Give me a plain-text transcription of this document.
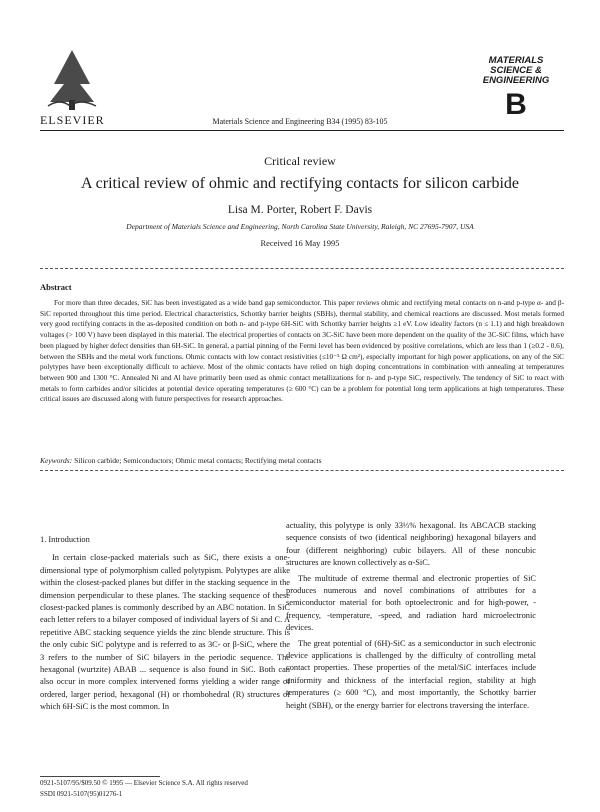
ELSEVIER	Materials Science and Engineering B34 (1995) 83-105
MATERIALS
SCIENCE &
ENGINEERING
B
Critical review
A critical review of ohmic and rectifying contacts for silicon carbide
Lisa M. Porter, Robert F. Davis
Department of Materials Science and Engineering, North Carolina State University, Raleigh, NC 27695-7907, USA
Received 16 May 1995
Abstract
For more than three decades, SiC has been investigated as a wide band gap semiconductor. This paper reviews ohmic and rectifying metal contacts on n-and p-type α- and β-SiC reported throughout this time period. Electrical characteristics, Schottky barrier heights (SBHs), thermal stability, and chemical reactions are discussed. Most metals formed very good rectifying contacts in the as-deposited condition on both n- and p-type 6H-SiC with Schottky barrier heights ≥1 eV. Low ideality factors (n ≤ 1.1) and high breakdown voltages (> 100 V) have been displayed in this material. The electrical properties of contacts on 3C-SiC have been more dependent on the quality of the 3C-SiC films, which have been plagued by higher defect densities than 6H-SiC. In general, a partial pinning of the Fermi level has been evidenced by positive correlations, which are less than 1 (≥0.2 - 0.6), between the SBHs and the metal work functions. Ohmic contacts with low contact resistivities (≤10⁻⁵ Ω cm²), especially important for high power applications, on any of the SiC polytypes have been exceptionally difficult to achieve. Most of the ohmic contacts have relied on high doping concentrations in combination with annealing at temperatures between 900 and 1300 °C. Annealed Ni and Al have primarily been used as ohmic contact metallizations for n- and p-type SiC, respectively. The tendency of SiC to react with metals to form carbides and/or silicides at potential device operating temperatures (≥ 600 °C) can be a problem for potential long term applications at high temperatures. These critical issues are discussed along with future perspectives for research approaches.
Keywords: Silicon carbide; Semiconductors; Ohmic metal contacts; Rectifying metal contacts
1. Introduction

In certain close-packed materials such as SiC, there exists a one-dimensional type of polymorphism called polytypism. Polytypes are alike within the closest-packed planes but differ in the stacking sequence in the dimension perpendicular to these planes. The stacking sequence of these closest-packed planes is commonly described by an ABC notation. In SiC each letter refers to a bilayer composed of individual layers of Si and C. A repetitive ABC stacking sequence yields the zinc blende structure. This is the only cubic SiC polytype and is referred to as 3C- or β-SiC, where the 3 refers to the number of SiC bilayers in the periodic sequence. The hexagonal (wurtzite) ABAB ... sequence is also found in SiC. Both can also occur in more complex intervened forms yielding a wider range of ordered, larger period, hexagonal (H) or rhombohedral (R) structures of which 6H-SiC is the most common. In

actuality, this polytype is only 33⅓% hexagonal. Its ABCACB stacking sequence consists of two (identical neighboring) hexagonal bilayers and four (different neighboring) cubic bilayers. All of these noncubic structures are known collectively as α-SiC.

The multitude of extreme thermal and electronic properties of SiC produces numerous and novel combinations of attributes for a semiconductor material for both optoelectronic and for high-power, -frequency, -temperature, -speed, and radiation hard microelectronic devices.

The great potential of (6H)-SiC as a semiconductor in such electronic device applications is challenged by the difficulty of controlling metal contact properties. These properties of the metal/SiC interfaces include uniformity and thickness of the interfacial region, stability at high temperatures (≥ 600 °C), and most importantly, the Schottky barrier height (SBH), or the energy barrier for electrons traversing the interface.

0921-5107/95/$09.50 © 1995 — Elsevier Science S.A. All rights reserved
SSDI 0921-5107(95)01276-1
